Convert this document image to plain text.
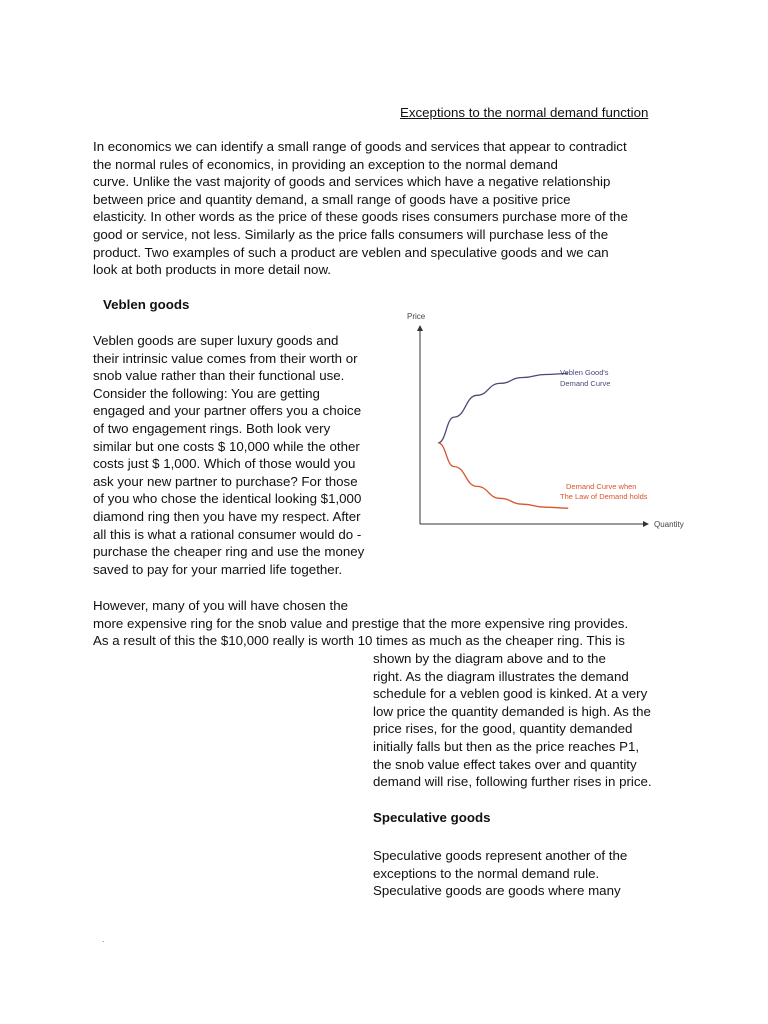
Exceptions to the normal demand function
In economics we can identify a small range of goods and services that appear to contradict
the normal rules of economics, in providing an exception to the normal demand
curve. Unlike the vast majority of goods and services which have a negative relationship
between price and quantity demand, a small range of goods have a positive price
elasticity. In other words as the price of these goods rises consumers purchase more of the
good or service, not less. Similarly as the price falls consumers will purchase less of the
product. Two examples of such a product are veblen and speculative goods and we can
look at both products in more detail now.
Veblen goods
Veblen goods are super luxury goods and
their intrinsic value comes from their worth or
snob value rather than their functional use.
Consider the following: You are getting
engaged and your partner offers you a choice
of two engagement rings. Both look very
similar but one costs $ 10,000 while the other
costs just $ 1,000. Which of those would you
ask your new partner to purchase? For those
of you who chose the identical looking $1,000
diamond ring then you have my respect. After
all this is what a rational consumer would do -
purchase the cheaper ring and use the money
saved to pay for your married life together.
Price
Quantity
Veblen Good's Demand Curve
Demand Curve when The Law of Demand holds
However, many of you will have chosen the
more expensive ring for the snob value and prestige that the more expensive ring provides.
As a result of this the $10,000 really is worth 10 times as much as the cheaper ring. This is
shown by the diagram above and to the
right. As the diagram illustrates the demand
schedule for a veblen good is kinked. At a very
low price the quantity demanded is high. As the
price rises, for the good, quantity demanded
initially falls but then as the price reaches P1,
the snob value effect takes over and quantity
demand will rise, following further rises in price.
Speculative goods
Speculative goods represent another of the
exceptions to the normal demand rule.
Speculative goods are goods where many
.
